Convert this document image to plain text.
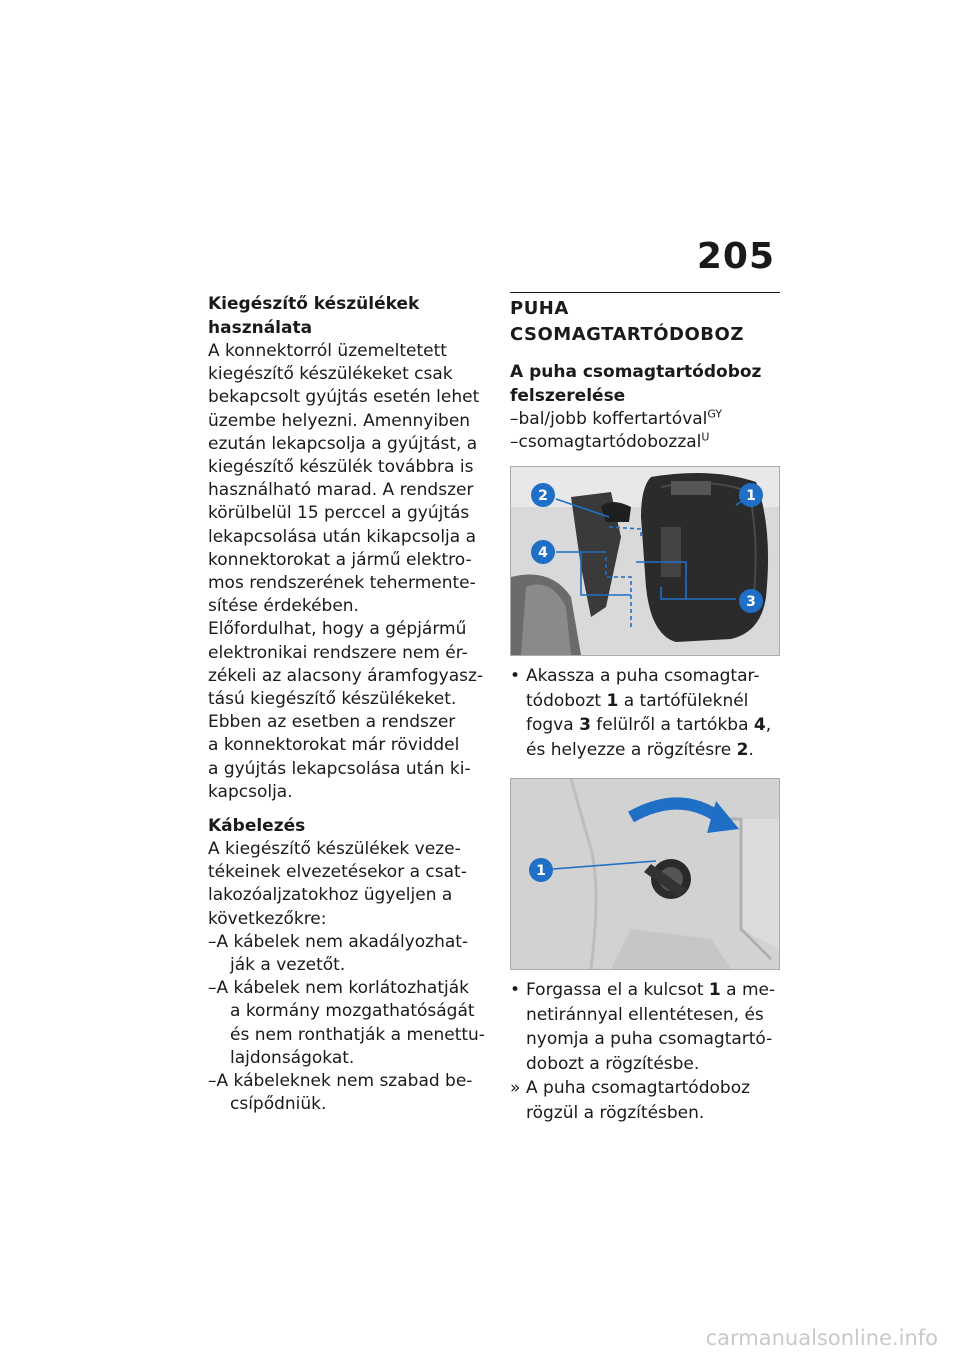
205

Kiegészítő készülékek
használata

A konnektorról üzemeltetett
kiegészítő készülékeket csak
bekapcsolt gyújtás esetén lehet
üzembe helyezni. Amennyiben
ezután lekapcsolja a gyújtást, a
kiegészítő készülék továbbra is
használható marad. A rendszer
körülbelül 15 perccel a gyújtás
lekapcsolása után kikapcsolja a
konnektorokat a jármű elektro-
mos rendszerének tehermente-
sítése érdekében.

Előfordulhat, hogy a gépjármű
elektronikai rendszere nem ér-
zékeli az alacsony áramfogyasz-
tású kiegészítő készülékeket.
Ebben az esetben a rendszer
a konnektorokat már röviddel
a gyújtás lekapcsolása után ki-
kapcsolja.

Kábelezés

A kiegészítő készülékek veze-
tékeinek elvezetésekor a csat-
lakozóaljzatokhoz ügyeljen a
következőkre:

–A kábelek nem akadályozhat-
ják a vezetőt.
–A kábelek nem korlátozhatják
a kormány mozgathatóságát
és nem ronthatják a menettu-
lajdonságokat.
–A kábeleknek nem szabad be-
csípődniük.
PUHA
CSOMAGTARTÓDOBOZ

A puha csomagtartódoboz
felszerelése

–bal/jobb koffertartóval$^{GY}$
–csomagtartódobozzal$^U$
2	1
4
3
• Akassza a puha csomagtar-
tódobozt 1 a tartófüleknél
fogva 3 felülről a tartókba 4,
és helyezze a rögzítésre 2.
1
• Forgassa el a kulcsot 1 a me-
netiránnyal ellentétesen, és
nyomja a puha csomagtartó-
dobozt a rögzítésbe.
» A puha csomagtartódoboz
rögzül a rögzítésben.
carmanualsonline.info
